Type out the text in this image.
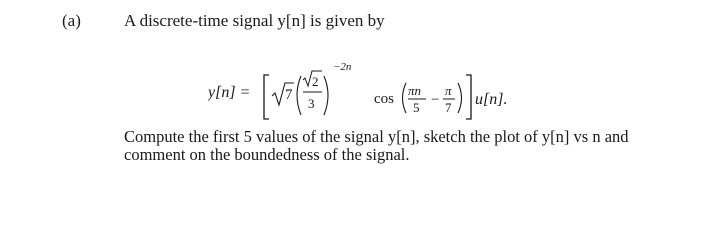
(a)	A discrete-time signal y[n] is given by
y[n] = 7
2
3
−2n
cos
πn
5 −
π
7 u[n].
Compute the first 5 values of the signal y[n], sketch the plot of y[n] vs n and
comment on the boundedness of the signal.
